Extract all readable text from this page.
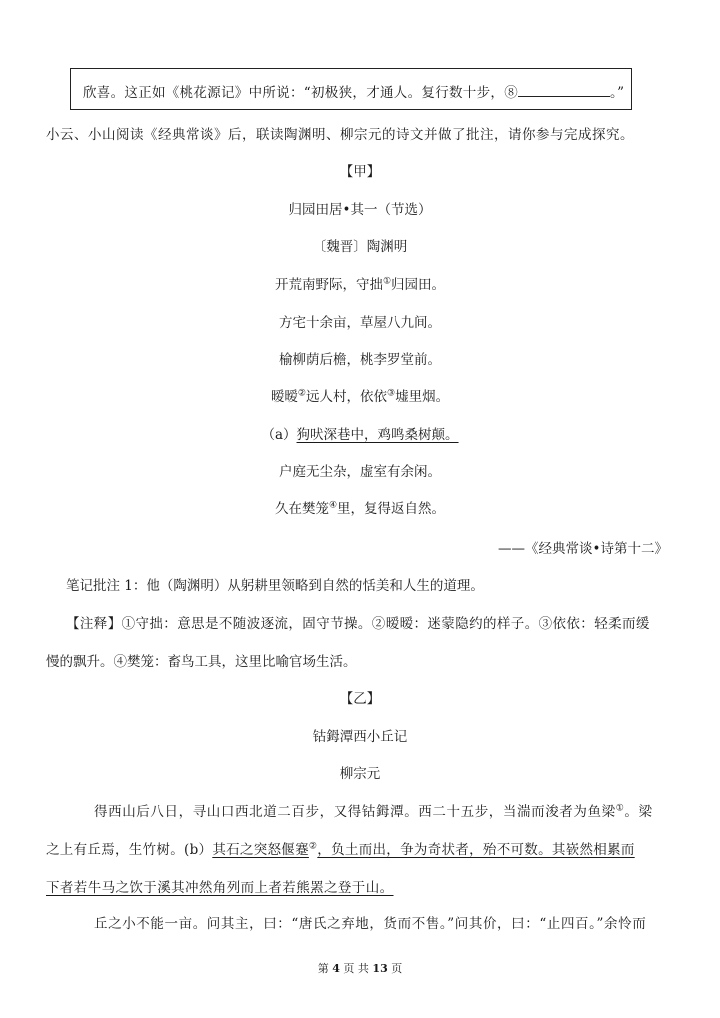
欣喜。这正如《桃花源记》中所说：“初极狭，才通人。复行数十步，⑧	。”
小云、小山阅读《经典常谈》后，联读陶渊明、柳宗元的诗文并做了批注，请你参与完成探究。
【甲】
归园田居•其一（节选）
〔魏晋〕陶渊明
开荒南野际，守拙①归园田。
方宅十余亩，草屋八九间。
榆柳荫后檐，桃李罗堂前。
暧暧②远人村，依依③墟里烟。
（a）狗吠深巷中，鸡鸣桑树颠。
户庭无尘杂，虚室有余闲。
久在樊笼④里，复得返自然。
——《经典常谈•诗第十二》
笔记批注 1：他（陶渊明）从躬耕里领略到自然的恬美和人生的道理。
【注释】①守拙：意思是不随波逐流，固守节操。②暧暧：迷蒙隐约的样子。③依依：轻柔而缓
慢的飘升。④樊笼：畜鸟工具，这里比喻官场生活。
【乙】
钴鉧潭西小丘记
柳宗元
得西山后八日，寻山口西北道二百步，又得钴鉧潭。西二十五步，当湍而浚者为鱼梁①。梁
之上有丘焉，生竹树。(b）其石之突怒偃蹇②，负土而出，争为奇状者，殆不可数。其嵚然相累而
下者若牛马之饮于溪其冲然角列而上者若熊罴之登于山。
丘之小不能一亩。问其主，曰：“唐氏之弃地，货而不售。”问其价，曰：“止四百。”余怜而
第 4 页 共 13 页
